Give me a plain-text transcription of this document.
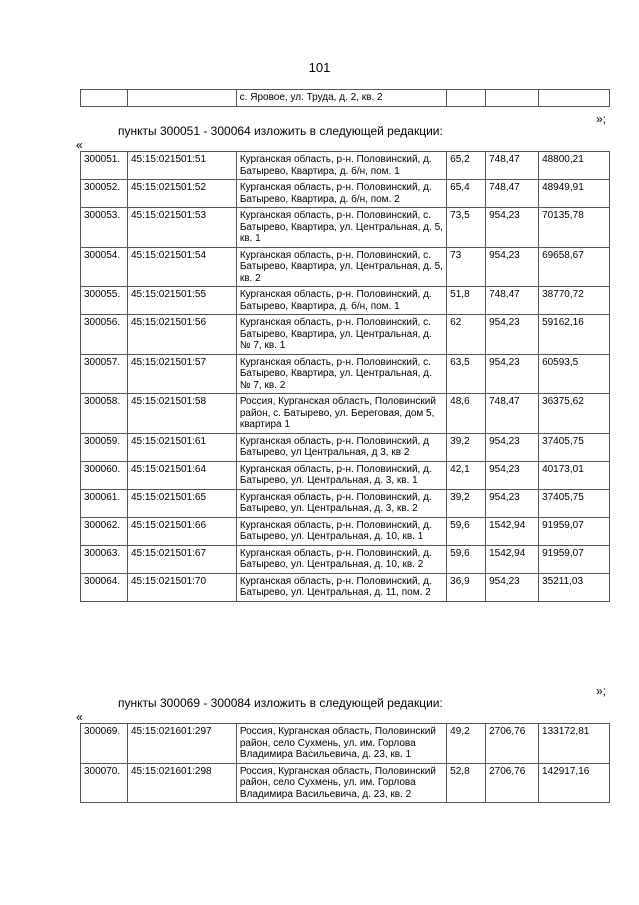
101
		с. Яровое, ул. Труда, д. 2, кв. 2			
»;
пункты 300051 - 300064 изложить в следующей редакции:
«
300051.	45:15:021501:51	Курганская область, р-н. Половинский, д. Батырево, Квартира, д. б/н, пом. 1	65,2	748,47	48800,21
300052.	45:15:021501:52	Курганская область, р-н. Половинский, д. Батырево, Квартира, д. б/н, пом. 2	65,4	748,47	48949,91
300053.	45:15:021501:53	Курганская область, р-н. Половинский, с. Батырево, Квартира, ул. Центральная, д. 5, кв. 1	73,5	954,23	70135,78
300054.	45:15:021501:54	Курганская область, р-н. Половинский, с. Батырево, Квартира, ул. Центральная, д. 5, кв. 2	73	954,23	69658,67
300055.	45:15:021501:55	Курганская область, р-н. Половинский, д. Батырево, Квартира, д. б/н, пом. 1	51,8	748,47	38770,72
300056.	45:15:021501:56	Курганская область, р-н. Половинский, с. Батырево, Квартира, ул. Центральная, д. № 7, кв. 1	62	954,23	59162,16
300057.	45:15:021501:57	Курганская область, р-н. Половинский, с. Батырево, Квартира, ул. Центральная, д. № 7, кв. 2	63,5	954,23	60593,5
300058.	45:15:021501:58	Россия, Курганская область, Половинский район, с. Батырево, ул. Береговая, дом 5, квартира 1	48,6	748,47	36375,62
300059.	45:15:021501:61	Курганская область, р-н. Половинский, д Батырево, ул Центральная, д 3, кв 2	39,2	954,23	37405,75
300060.	45:15:021501:64	Курганская область, р-н. Половинский, д. Батырево, ул. Центральная, д. 3, кв. 1	42,1	954,23	40173,01
300061.	45:15:021501:65	Курганская область, р-н. Половинский, д. Батырево, ул. Центральная, д. 3, кв. 2	39,2	954,23	37405,75
300062.	45:15:021501:66	Курганская область, р-н. Половинский, д. Батырево, ул. Центральная, д. 10, кв. 1	59,6	1542,94	91959,07
300063.	45:15:021501:67	Курганская область, р-н. Половинский, д. Батырево, ул. Центральная, д. 10, кв. 2	59,6	1542,94	91959,07
300064.	45:15:021501:70	Курганская область, р-н. Половинский, д. Батырево, ул. Центральная, д. 11, пом. 2	36,9	954,23	35211,03
»;
пункты 300069 - 300084 изложить в следующей редакции:
«
300069.	45:15:021601:297	Россия, Курганская область, Половинский район, село Сухмень, ул. им. Горлова Владимира Васильевича, д. 23, кв. 1	49,2	2706,76	133172,81
300070.	45:15:021601:298	Россия, Курганская область, Половинский район, село Сухмень, ул. им. Горлова Владимира Васильевича, д. 23, кв. 2	52,8	2706,76	142917,16
